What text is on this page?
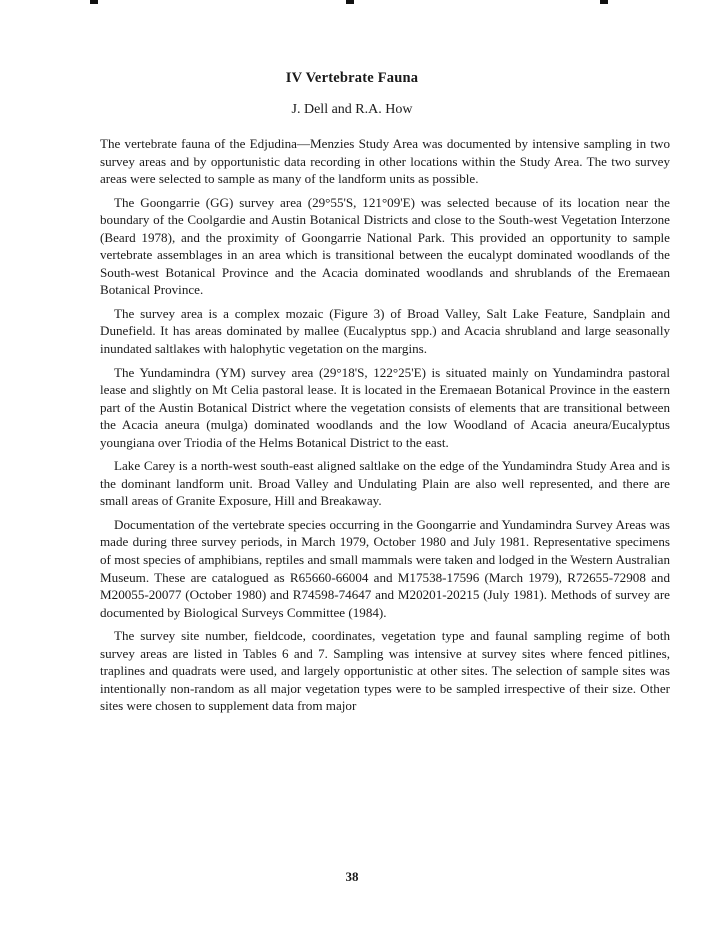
IV Vertebrate Fauna
J. Dell and R.A. How

The vertebrate fauna of the Edjudina—Menzies Study Area was documented by intensive sampling in two survey areas and by opportunistic data recording in other locations within the Study Area. The two survey areas were selected to sample as many of the landform units as possible.

The Goongarrie (GG) survey area (29°55'S, 121°09'E) was selected because of its location near the boundary of the Coolgardie and Austin Botanical Districts and close to the South-west Vegetation Interzone (Beard 1978), and the proximity of Goongarrie National Park. This provided an opportunity to sample vertebrate assemblages in an area which is transitional between the eucalypt dominated woodlands of the South-west Botanical Province and the Acacia dominated woodlands and shrublands of the Eremaean Botanical Province.

The survey area is a complex mozaic (Figure 3) of Broad Valley, Salt Lake Feature, Sandplain and Dunefield. It has areas dominated by mallee (Eucalyptus spp.) and Acacia shrubland and large seasonally inundated saltlakes with halophytic vegetation on the margins.

The Yundamindra (YM) survey area (29°18'S, 122°25'E) is situated mainly on Yundamindra pastoral lease and slightly on Mt Celia pastoral lease. It is located in the Eremaean Botanical Province in the eastern part of the Austin Botanical District where the vegetation consists of elements that are transitional between the Acacia aneura (mulga) dominated woodlands and the low Woodland of Acacia aneura/Eucalyptus youngiana over Triodia of the Helms Botanical District to the east.

Lake Carey is a north-west south-east aligned saltlake on the edge of the Yundamindra Study Area and is the dominant landform unit. Broad Valley and Undulating Plain are also well represented, and there are small areas of Granite Exposure, Hill and Breakaway.

Documentation of the vertebrate species occurring in the Goongarrie and Yundamindra Survey Areas was made during three survey periods, in March 1979, October 1980 and July 1981. Representative specimens of most species of amphibians, reptiles and small mammals were taken and lodged in the Western Australian Museum. These are catalogued as R65660-66004 and M17538-17596 (March 1979), R72655-72908 and M20055-20077 (October 1980) and R74598-74647 and M20201-20215 (July 1981). Methods of survey are documented by Biological Surveys Committee (1984).

The survey site number, fieldcode, coordinates, vegetation type and faunal sampling regime of both survey areas are listed in Tables 6 and 7. Sampling was intensive at survey sites where fenced pitlines, traplines and quadrats were used, and largely opportunistic at other sites. The selection of sample sites was intentionally non-random as all major vegetation types were to be sampled irrespective of their size. Other sites were chosen to supplement data from major

38
